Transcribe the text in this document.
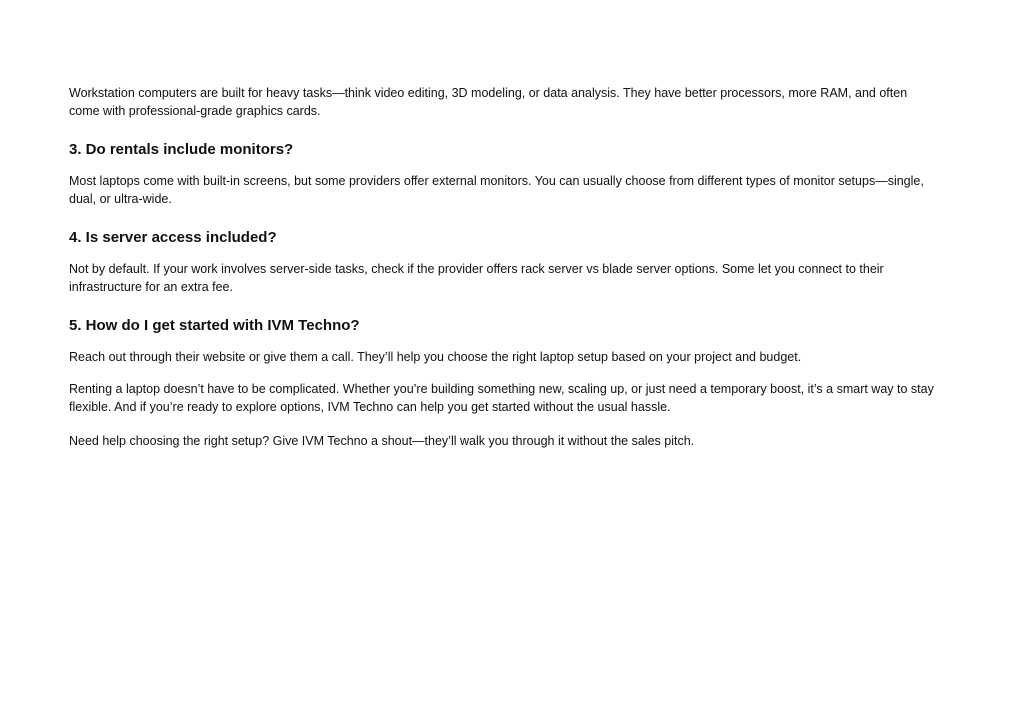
Workstation computers are built for heavy tasks—think video editing, 3D modeling, or data analysis. They have better processors, more RAM, and often come with professional-grade graphics cards.

3. Do rentals include monitors?

Most laptops come with built-in screens, but some providers offer external monitors. You can usually choose from different types of monitor setups—single, dual, or ultra-wide.

4. Is server access included?

Not by default. If your work involves server-side tasks, check if the provider offers rack server vs blade server options. Some let you connect to their infrastructure for an extra fee.

5. How do I get started with IVM Techno?

Reach out through their website or give them a call. They’ll help you choose the right laptop setup based on your project and budget.

Renting a laptop doesn’t have to be complicated. Whether you’re building something new, scaling up, or just need a temporary boost, it’s a smart way to stay flexible. And if you’re ready to explore options, IVM Techno can help you get started without the usual hassle.

Need help choosing the right setup? Give IVM Techno a shout—they’ll walk you through it without the sales pitch.
